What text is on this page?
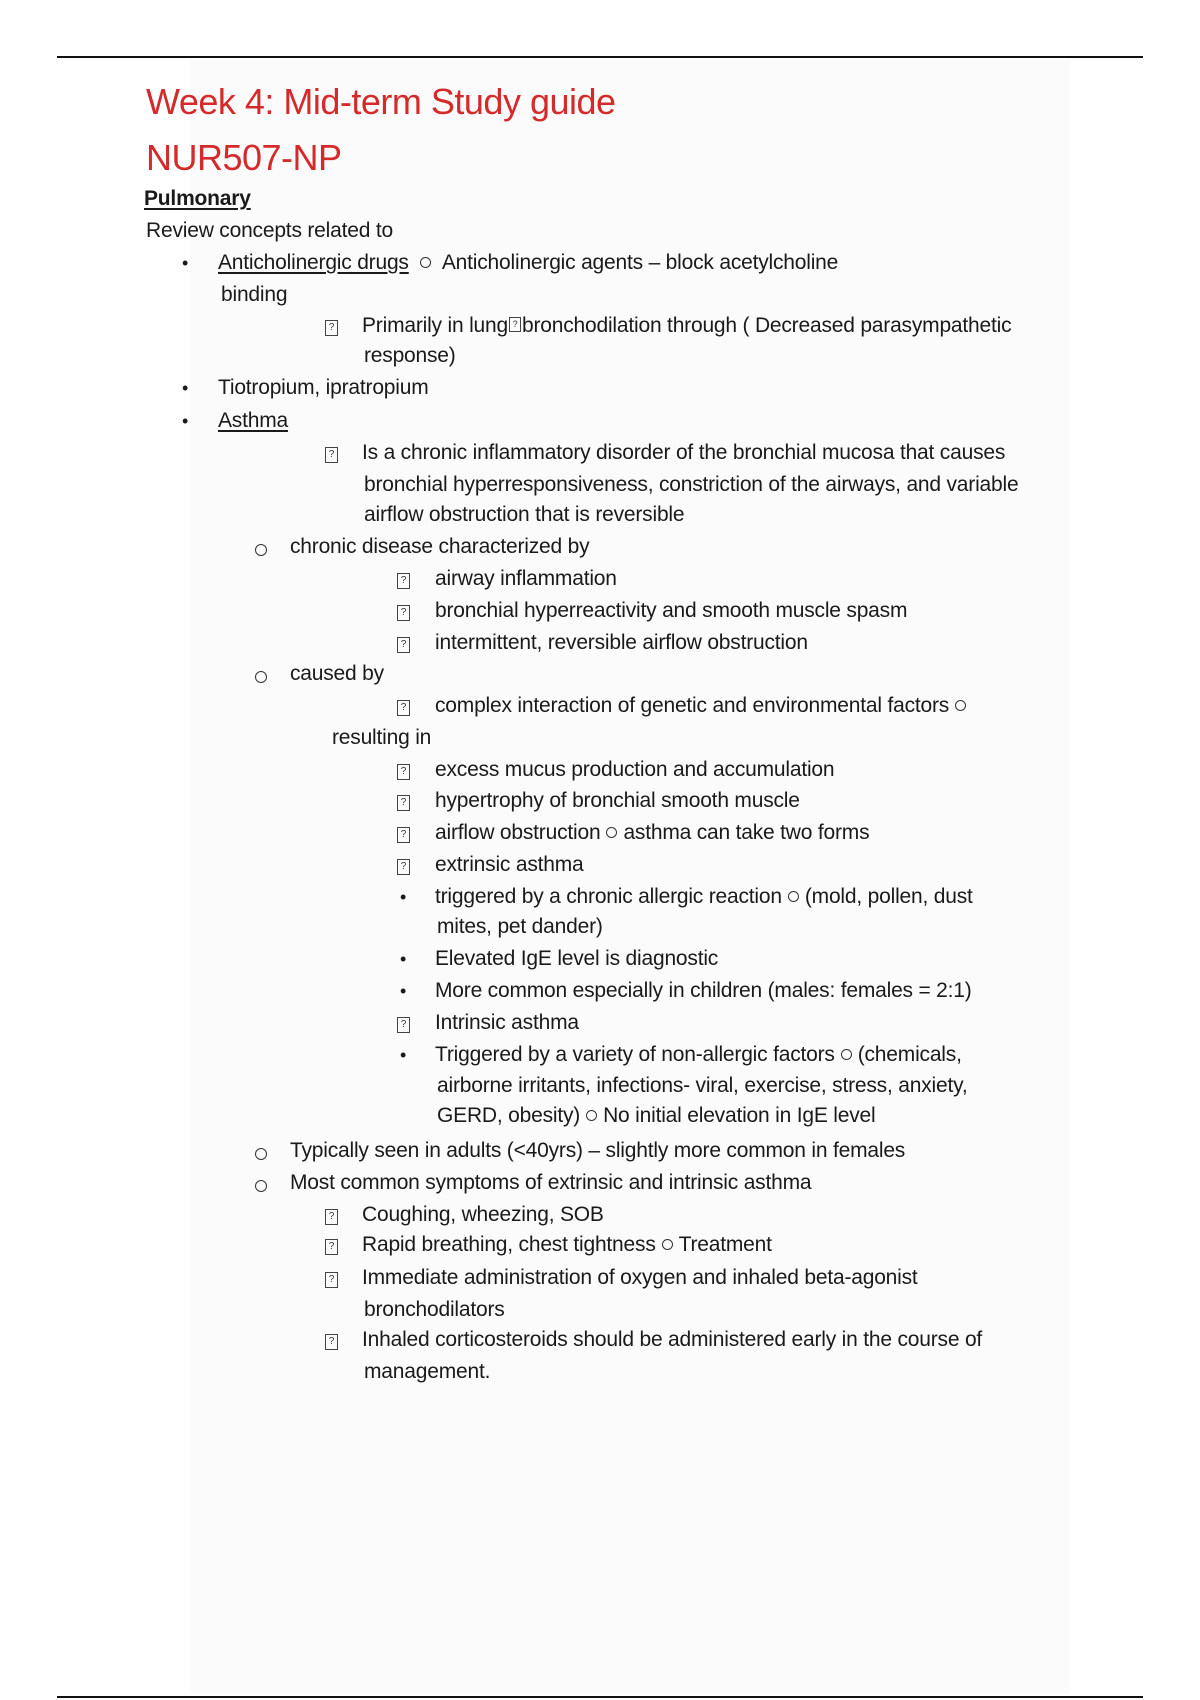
Week 4: Mid-term Study guide
NUR507-NP
Pulmonary
Review concepts related to
• Anticholinergic drugs Anticholinergic agents – block acetylcholine
binding
? Primarily in lung ? bronchodilation through ( Decreased parasympathetic
response)
• Tiotropium, ipratropium
• Asthma
? Is a chronic inflammatory disorder of the bronchial mucosa that causes
bronchial hyperresponsiveness, constriction of the airways, and variable
airflow obstruction that is reversible
chronic disease characterized by
? airway inflammation
? bronchial hyperreactivity and smooth muscle spasm
? intermittent, reversible airflow obstruction
caused by
? complex interaction of genetic and environmental factors
resulting in
? excess mucus production and accumulation
? hypertrophy of bronchial smooth muscle
? airflow obstruction asthma can take two forms
? extrinsic asthma
• triggered by a chronic allergic reaction (mold, pollen, dust
mites, pet dander)
• Elevated IgE level is diagnostic
• More common especially in children (males: females = 2:1)
? Intrinsic asthma
• Triggered by a variety of non-allergic factors (chemicals,
airborne irritants, infections- viral, exercise, stress, anxiety,
GERD, obesity) No initial elevation in IgE level
Typically seen in adults (<40yrs) – slightly more common in females
Most common symptoms of extrinsic and intrinsic asthma
? Coughing, wheezing, SOB
? Rapid breathing, chest tightness Treatment
? Immediate administration of oxygen and inhaled beta-agonist
bronchodilators
? Inhaled corticosteroids should be administered early in the course of
management.
